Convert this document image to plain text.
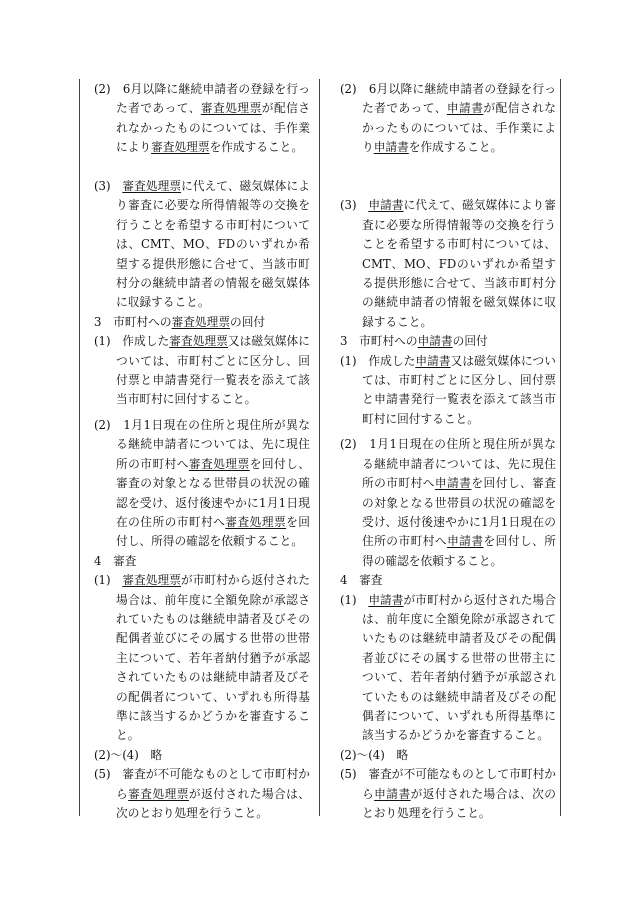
(2)　6月以降に継続申請者の登録を行った者であって、審査処理票が配信されなかったものについては、手作業により審査処理票を作成すること。

(3)　審査処理票に代えて、磁気媒体により審査に必要な所得情報等の交換を行うことを希望する市町村については、CMT、MO、FDのいずれか希望する提供形態に合せて、当該市町村分の継続申請者の情報を磁気媒体に収録すること。

3　市町村への審査処理票の回付

(1)　作成した審査処理票又は磁気媒体については、市町村ごとに区分し、回付票と申請書発行一覧表を添えて該当市町村に回付すること。

(2)　1月1日現在の住所と現住所が異なる継続申請者については、先に現住所の市町村へ審査処理票を回付し、審査の対象となる世帯員の状況の確認を受け、返付後速やかに1月1日現在の住所の市町村へ審査処理票を回付し、所得の確認を依頼すること。

4　審査

(1)　審査処理票が市町村から返付された場合は、前年度に全額免除が承認されていたものは継続申請者及びその配偶者並びにその属する世帯の世帯主について、若年者納付猶予が承認されていたものは継続申請者及びその配偶者について、いずれも所得基準に該当するかどうかを審査すること。

(2)～(4)　略

(5)　審査が不可能なものとして市町村から審査処理票が返付された場合は、次のとおり処理を行うこと。

(2)　6月以降に継続申請者の登録を行った者であって、申請書が配信されなかったものについては、手作業により申請書を作成すること。

(3)　申請書に代えて、磁気媒体により審査に必要な所得情報等の交換を行うことを希望する市町村については、CMT、MO、FDのいずれか希望する提供形態に合せて、当該市町村分の継続申請者の情報を磁気媒体に収録すること。

3　市町村への申請書の回付

(1)　作成した申請書又は磁気媒体については、市町村ごとに区分し、回付票と申請書発行一覧表を添えて該当市町村に回付すること。

(2)　1月1日現在の住所と現住所が異なる継続申請者については、先に現住所の市町村へ申請書を回付し、審査の対象となる世帯員の状況の確認を受け、返付後速やかに1月1日現在の住所の市町村へ申請書を回付し、所得の確認を依頼すること。

4　審査

(1)　申請書が市町村から返付された場合は、前年度に全額免除が承認されていたものは継続申請者及びその配偶者並びにその属する世帯の世帯主について、若年者納付猶予が承認されていたものは継続申請者及びその配偶者について、いずれも所得基準に該当するかどうかを審査すること。

(2)～(4)　略

(5)　審査が不可能なものとして市町村から申請書が返付された場合は、次のとおり処理を行うこと。
